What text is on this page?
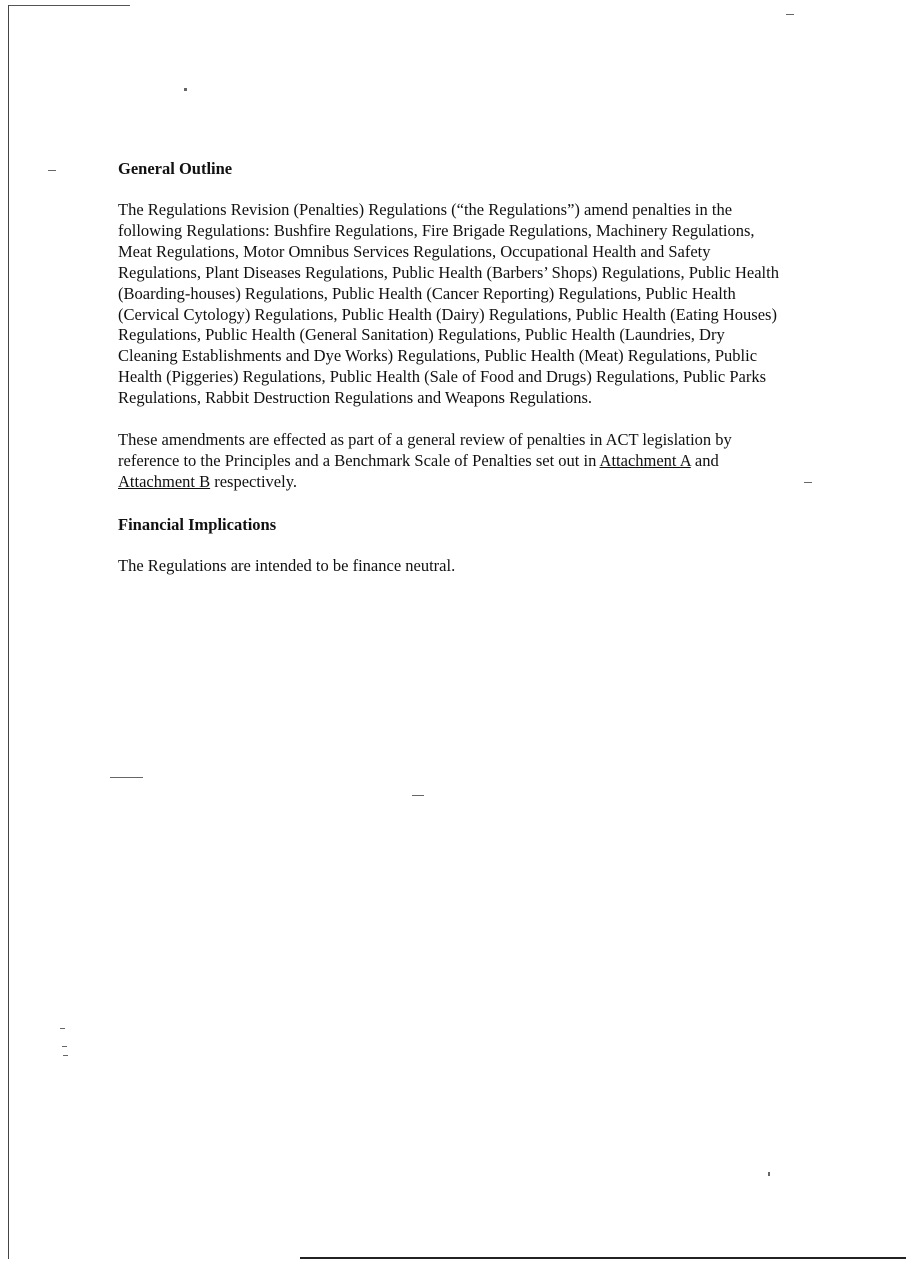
General Outline

The Regulations Revision (Penalties) Regulations (“the Regulations”) amend penalties in the following Regulations: Bushfire Regulations, Fire Brigade Regulations, Machinery Regulations, Meat Regulations, Motor Omnibus Services Regulations, Occupational Health and Safety Regulations, Plant Diseases Regulations, Public Health (Barbers’ Shops) Regulations, Public Health (Boarding-houses) Regulations, Public Health (Cancer Reporting) Regulations, Public Health (Cervical Cytology) Regulations, Public Health (Dairy) Regulations, Public Health (Eating Houses) Regulations, Public Health (General Sanitation) Regulations, Public Health (Laundries, Dry Cleaning Establishments and Dye Works) Regulations, Public Health (Meat) Regulations, Public Health (Piggeries) Regulations, Public Health (Sale of Food and Drugs) Regulations, Public Parks Regulations, Rabbit Destruction Regulations and Weapons Regulations.

These amendments are effected as part of a general review of penalties in ACT legislation by reference to the Principles and a Benchmark Scale of Penalties set out in Attachment A and Attachment B respectively.

Financial Implications

The Regulations are intended to be finance neutral.
